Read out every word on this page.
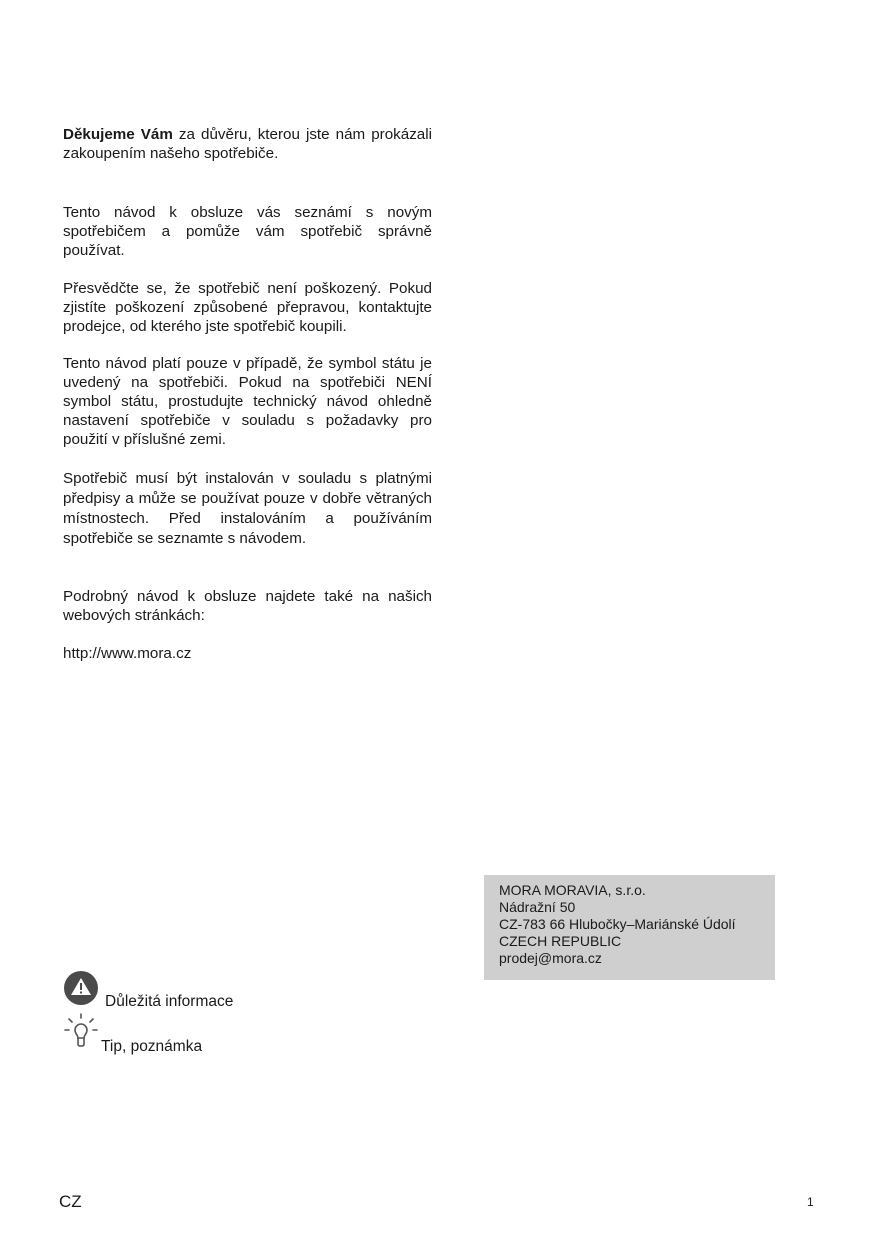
Děkujeme Vám za důvěru, kterou jste nám prokázali zakoupením našeho spotřebiče.

Tento návod k obsluze vás seznámí s novým spotřebičem a pomůže vám spotřebič správně používat.

Přesvědčte se, že spotřebič není poškozený. Pokud zjistíte poškození způsobené přepravou, kontaktujte prodejce, od kterého jste spotřebič koupili.

Tento návod platí pouze v případě, že symbol státu je uvedený na spotřebiči. Pokud na spotřebiči NENÍ symbol státu, prostudujte technický návod ohledně nastavení spotřebiče v souladu s požadavky pro použití v příslušné zemi.

Spotřebič musí být instalován v souladu s platnými předpisy a může se používat pouze v dobře větraných místnostech. Před instalováním a používáním spotřebiče se seznamte s návodem.

Podrobný návod k obsluze najdete také na našich webových stránkách:

http://www.mora.cz

MORA MORAVIA, s.r.o.
Nádražní 50
CZ-783 66 Hlubočky–Mariánské Údolí
CZECH REPUBLIC
prodej@mora.cz
Důležitá informace
Tip, poznámka
CZ	1
